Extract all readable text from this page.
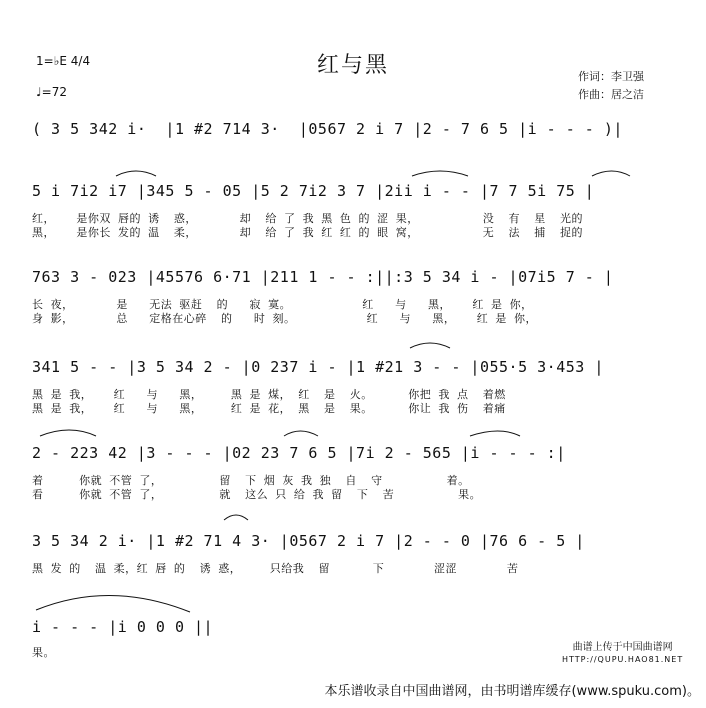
1=♭E 4/4
♩=72
红与黑	作词：李卫强
作曲：居之洁
( 3 5 342 i·  |1 #2 714 3·  |0567 2 i 7 |2 - 7 6 5 |i - - - )|
5 i 7i2 i7 |345 5 - 05 |5 2 7i2 3 7 |2ii i - - |7 7 5i 75 |
红，   是你双 唇的 诱  惑，      却  给 了 我 黑 色 的 涩 果，         没  有  星  光的
黑，   是你长 发的 温  柔，      却  给 了 我 红 红 的 眼 窝，         无  法  捕  捉的
763 3 - 023 |45576 6·71 |211 1 - - :||:3 5 34 i - |07i5 7 - |
长 夜，      是   无法 驱赶  的   寂 寞。          红   与   黑，   红 是 你，
身 影，      总   定格在心碎  的   时 刻。          红   与   黑，   红 是 你，
341 5 - - |3 5 34 2 - |0 237 i - |1 #21 3 - - |055·5 3·453 |
黑 是 我，   红   与   黑，    黑 是 煤， 红  是  火。     你把 我 点  着燃
黑 是 我，   红   与   黑，    红 是 花， 黑  是  果。     你让 我 伤  着痛
2 - 223 42 |3 - - - |02 23 7 6 5 |7i 2 - 565 |i - - - :|
着     你就 不管 了，        留  下 烟 灰 我 独  自  守         着。
看     你就 不管 了，        就  这么 只 给 我 留  下  苦         果。
3 5 34 2 i· |1 #2 71 4 3· |0567 2 i 7 |2 - - 0 |76 6 - 5 |
黑 发 的  温 柔，红 唇 的  诱 惑，    只给我  留      下       涩涩       苦
i - - - |i 0 0 0 ||
果。	曲谱上传于中国曲谱网
HTTP://QUPU.HAO81.NET
本乐谱收录自中国曲谱网，由书明谱库缓存(www.spuku.com)。
